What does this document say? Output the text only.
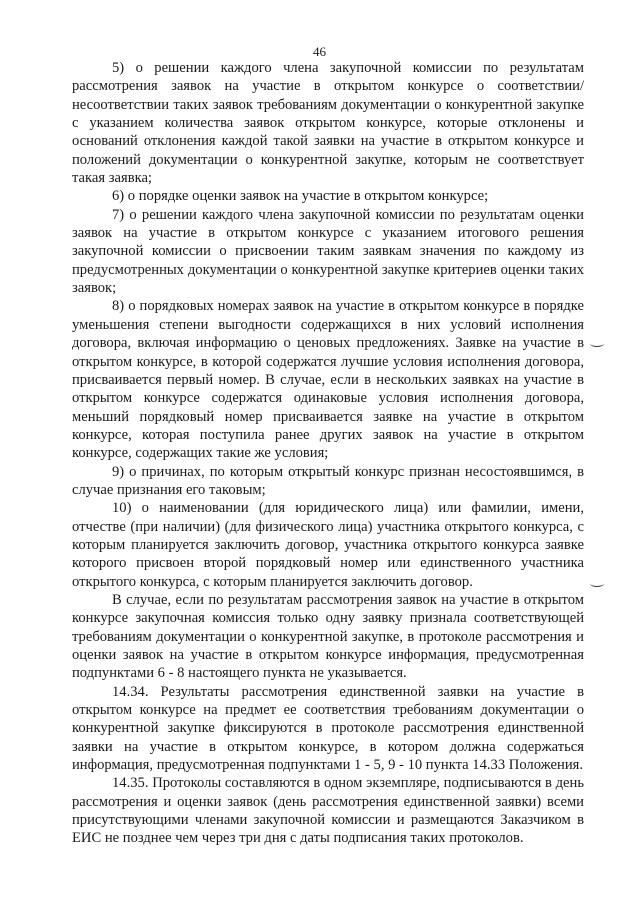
46

5) о решении каждого члена закупочной комиссии по результатам рассмотрения заявок на участие в открытом конкурсе о соответствии/несоответствии таких заявок требованиям документации о конкурентной закупке с указанием количества заявок открытом конкурсе, которые отклонены и оснований отклонения каждой такой заявки на участие в открытом конкурсе и положений документации о конкурентной закупке, которым не соответствует такая заявка;

6) о порядке оценки заявок на участие в открытом конкурсе;

7) о решении каждого члена закупочной комиссии по результатам оценки заявок на участие в открытом конкурсе с указанием итогового решения закупочной комиссии о присвоении таким заявкам значения по каждому из предусмотренных документации о конкурентной закупке критериев оценки таких заявок;

8) о порядковых номерах заявок на участие в открытом конкурсе в порядке уменьшения степени выгодности содержащихся в них условий исполнения договора, включая информацию о ценовых предложениях. Заявке на участие в открытом конкурсе, в которой содержатся лучшие условия исполнения договора, присваивается первый номер. В случае, если в нескольких заявках на участие в открытом конкурсе содержатся одинаковые условия исполнения договора, меньший порядковый номер присваивается заявке на участие в открытом конкурсе, которая поступила ранее других заявок на участие в открытом конкурсе, содержащих такие же условия;

9) о причинах, по которым открытый конкурс признан несостоявшимся, в случае признания его таковым;

10) о наименовании (для юридического лица) или фамилии, имени, отчестве (при наличии) (для физического лица) участника открытого конкурса, с которым планируется заключить договор, участника открытого конкурса заявке которого присвоен второй порядковый номер или единственного участника открытого конкурса, с которым планируется заключить договор.

В случае, если по результатам рассмотрения заявок на участие в открытом конкурсе закупочная комиссия только одну заявку признала соответствующей требованиям документации о конкурентной закупке, в протоколе рассмотрения и оценки заявок на участие в открытом конкурсе информация, предусмотренная подпунктами 6 - 8 настоящего пункта не указывается.

14.34. Результаты рассмотрения единственной заявки на участие в открытом конкурсе на предмет ее соответствия требованиям документации о конкурентной закупке фиксируются в протоколе рассмотрения единственной заявки на участие в открытом конкурсе, в котором должна содержаться информация, предусмотренная подпунктами 1 - 5, 9 - 10 пункта 14.33 Положения.

14.35. Протоколы составляются в одном экземпляре, подписываются в день рассмотрения и оценки заявок (день рассмотрения единственной заявки) всеми присутствующими членами закупочной комиссии и размещаются Заказчиком в ЕИС не позднее чем через три дня с даты подписания таких протоколов.
